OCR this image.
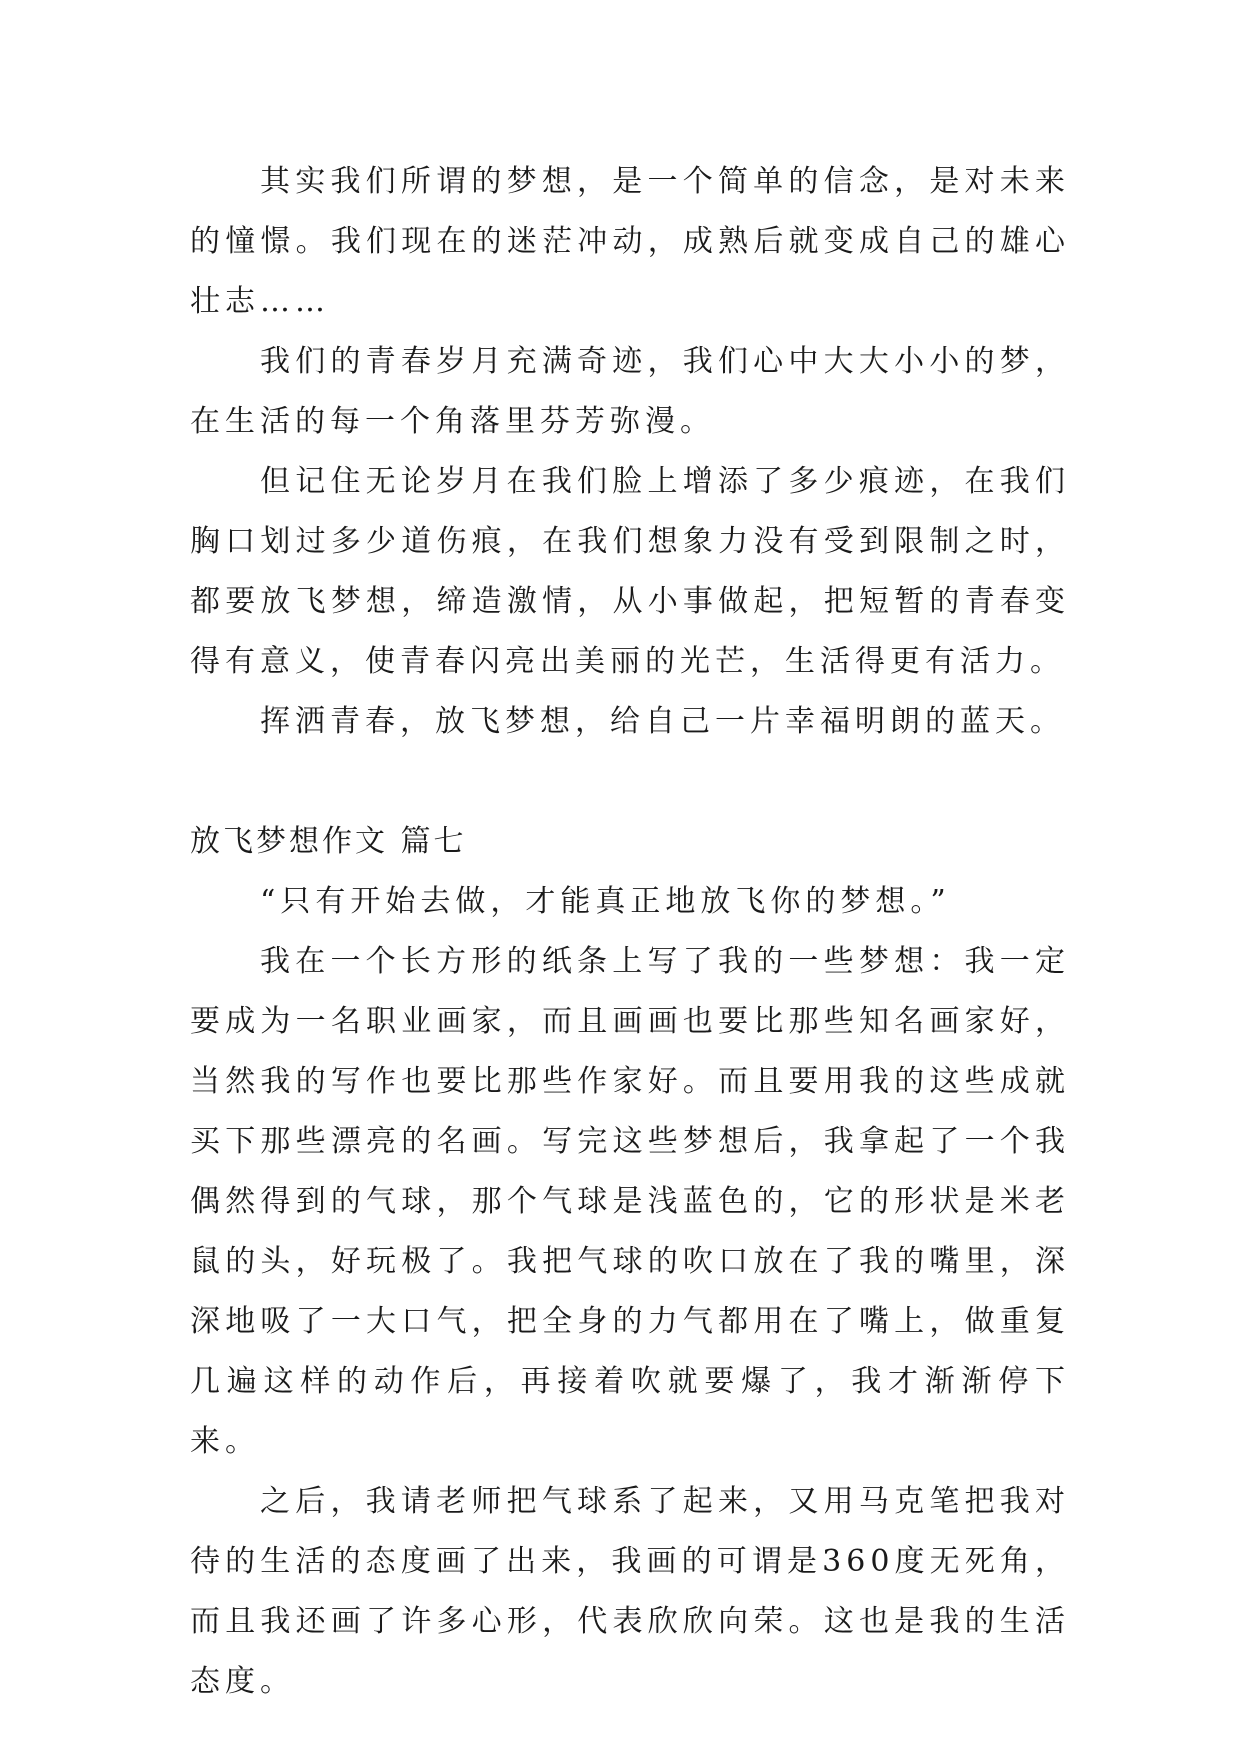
其实我们所谓的梦想，是一个简单的信念，是对未来的憧憬。我们现在的迷茫冲动，成熟后就变成自己的雄心壮志……

我们的青春岁月充满奇迹，我们心中大大小小的梦，在生活的每一个角落里芬芳弥漫。

但记住无论岁月在我们脸上增添了多少痕迹，在我们胸口划过多少道伤痕，在我们想象力没有受到限制之时，都要放飞梦想，缔造激情，从小事做起，把短暂的青春变得有意义，使青春闪亮出美丽的光芒，生活得更有活力。

挥洒青春，放飞梦想，给自己一片幸福明朗的蓝天。

放飞梦想作文 篇七

“只有开始去做，才能真正地放飞你的梦想。”

我在一个长方形的纸条上写了我的一些梦想：我一定要成为一名职业画家，而且画画也要比那些知名画家好，当然我的写作也要比那些作家好。而且要用我的这些成就买下那些漂亮的名画。写完这些梦想后，我拿起了一个我偶然得到的气球，那个气球是浅蓝色的，它的形状是米老鼠的头，好玩极了。我把气球的吹口放在了我的嘴里，深深地吸了一大口气，把全身的力气都用在了嘴上，做重复几遍这样的动作后，再接着吹就要爆了，我才渐渐停下来。

之后，我请老师把气球系了起来，又用马克笔把我对待的生活的态度画了出来，我画的可谓是360度无死角，而且我还画了许多心形，代表欣欣向荣。这也是我的生活态度。
